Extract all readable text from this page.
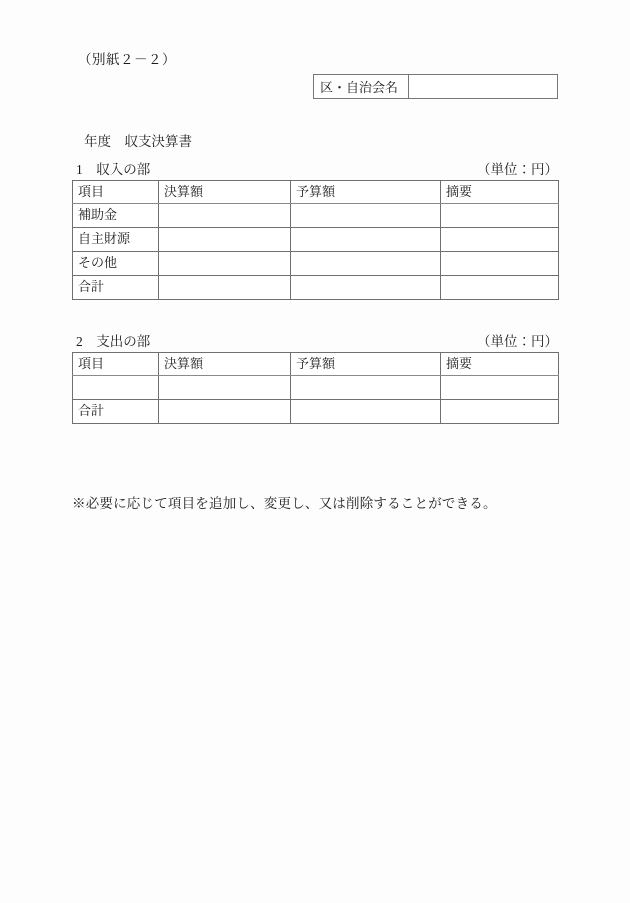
（別紙２－２）
区・自治会名
年度　収支決算書
1　収入の部	（単位：円）
項目	決算額	予算額	摘要
補助金			
自主財源			
その他			
合計			
2　支出の部	（単位：円）
項目	決算額	予算額	摘要

合計			
※必要に応じて項目を追加し、変更し、又は削除することができる。
